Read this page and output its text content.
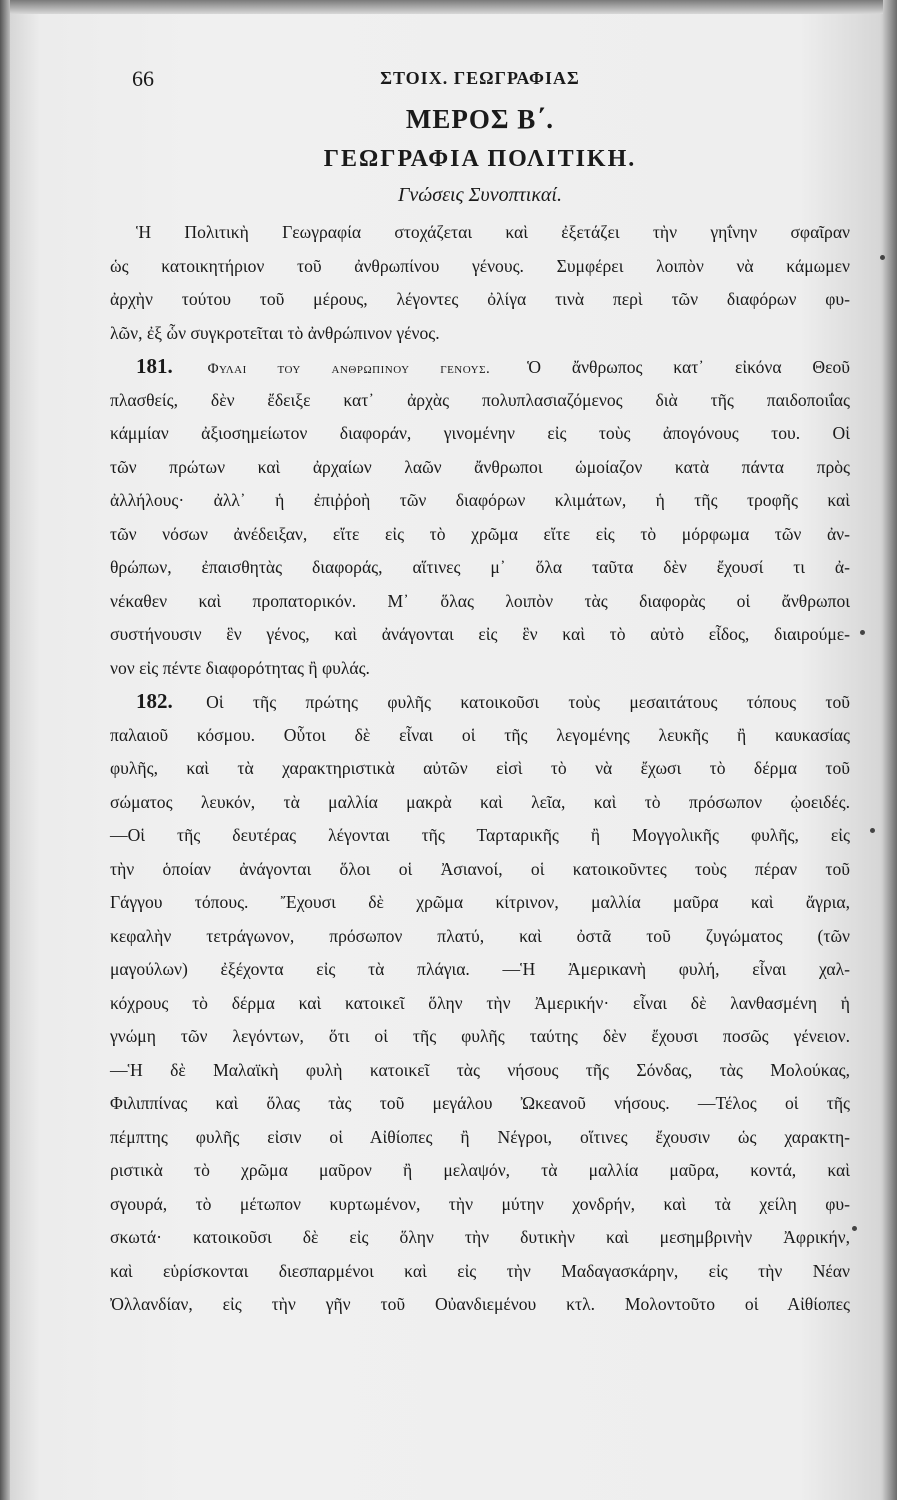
66	ΣΤΟΙΧ. ΓΕΩΓΡΑΦΙΑΣ
ΜΕΡΟΣ Β΄.
ΓΕΩΓΡΑΦΙΑ ΠΟΛΙΤΙΚΗ.
Γνώσεις Συνοπτικαί.
Ἡ Πολιτικὴ Γεωγραφία στοχάζεται καὶ ἐξετάζει τὴν γηΐνην σφαῖραν
ὡς κατοικητήριον τοῦ ἀνθρωπίνου γένους. Συμφέρει λοιπὸν νὰ κάμωμεν
ἀρχὴν τούτου τοῦ μέρους, λέγοντες ὀλίγα τινὰ περὶ τῶν διαφόρων φυ-
λῶν, ἐξ ὧν συγκροτεῖται τὸ ἀνθρώπινον γένος.
181. Φυλαι του ανθρωπινου γενους. Ὁ ἄνθρωπος κατ᾽ εἰκόνα Θεοῦ
πλασθείς, δὲν ἔδειξε κατ᾽ ἀρχὰς πολυπλασιαζόμενος διὰ τῆς παιδοποιΐας
κάμμίαν ἀξιοσημείωτον διαφοράν, γινομένην εἰς τοὺς ἀπογόνους του. Οἱ
τῶν πρώτων καὶ ἀρχαίων λαῶν ἄνθρωποι ὡμοίαζον κατὰ πάντα πρὸς
ἀλλήλους· ἀλλ᾽ ἡ ἐπιῤῥοὴ τῶν διαφόρων κλιμάτων, ἡ τῆς τροφῆς καὶ
τῶν νόσων ἀνέδειξαν, εἴτε εἰς τὸ χρῶμα εἴτε εἰς τὸ μόρφωμα τῶν ἀν-
θρώπων, ἐπαισθητὰς διαφοράς, αἵτινες μ᾽ ὅλα ταῦτα δὲν ἔχουσί τι ἀ-
νέκαθεν καὶ προπατορικόν. Μ᾽ ὅλας λοιπὸν τὰς διαφορὰς οἱ ἄνθρωποι
συστήνουσιν ἓν γένος, καὶ ἀνάγονται εἰς ἓν καὶ τὸ αὐτὸ εἶδος, διαιρούμε-
νον εἰς πέντε διαφορότητας ἢ φυλάς.
182. Οἱ τῆς πρώτης φυλῆς κατοικοῦσι τοὺς μεσαιτάτους τόπους τοῦ
παλαιοῦ κόσμου. Οὗτοι δὲ εἶναι οἱ τῆς λεγομένης λευκῆς ἢ καυκασίας
φυλῆς, καὶ τὰ χαρακτηριστικὰ αὐτῶν εἰσὶ τὸ νὰ ἔχωσι τὸ δέρμα τοῦ
σώματος λευκόν, τὰ μαλλία μακρὰ καὶ λεῖα, καὶ τὸ πρόσωπον ᾠοειδές.
—Οἱ τῆς δευτέρας λέγονται τῆς Ταρταρικῆς ἢ Μογγολικῆς φυλῆς, εἰς
τὴν ὁποίαν ἀνάγονται ὅλοι οἱ Ἀσιανοί, οἱ κατοικοῦντες τοὺς πέραν τοῦ
Γάγγου τόπους. Ἔχουσι δὲ χρῶμα κίτρινον, μαλλία μαῦρα καὶ ἄγρια,
κεφαλὴν τετράγωνον, πρόσωπον πλατύ, καὶ ὀστᾶ τοῦ ζυγώματος (τῶν
μαγούλων) ἐξέχοντα εἰς τὰ πλάγια. —Ἡ Ἀμερικανὴ φυλή, εἶναι χαλ-
κόχρους τὸ δέρμα καὶ κατοικεῖ ὅλην τὴν Ἀμερικήν· εἶναι δὲ λανθασμένη ἡ
γνώμη τῶν λεγόντων, ὅτι οἱ τῆς φυλῆς ταύτης δὲν ἔχουσι ποσῶς γένειον.
—Ἡ δὲ Μαλαϊκὴ φυλὴ κατοικεῖ τὰς νήσους τῆς Σόνδας, τὰς Μολούκας,
Φιλιππίνας καὶ ὅλας τὰς τοῦ μεγάλου Ὠκεανοῦ νήσους. —Τέλος οἱ τῆς
πέμπτης φυλῆς εἰσιν οἱ Αἰθίοπες ἢ Νέγροι, οἵτινες ἔχουσιν ὡς χαρακτη-
ριστικὰ τὸ χρῶμα μαῦρον ἢ μελαψόν, τὰ μαλλία μαῦρα, κοντά, καὶ
σγουρά, τὸ μέτωπον κυρτωμένον, τὴν μύτην χονδρήν, καὶ τὰ χείλη φυ-
σκωτά· κατοικοῦσι δὲ εἰς ὅλην τὴν δυτικὴν καὶ μεσημβρινὴν Ἀφρικήν,
καὶ εὑρίσκονται διεσπαρμένοι καὶ εἰς τὴν Μαδαγασκάρην, εἰς τὴν Νέαν
Ὀλλανδίαν, εἰς τὴν γῆν τοῦ Οὐανδιεμένου κτλ. Μολοντοῦτο οἱ Αἰθίοπες
